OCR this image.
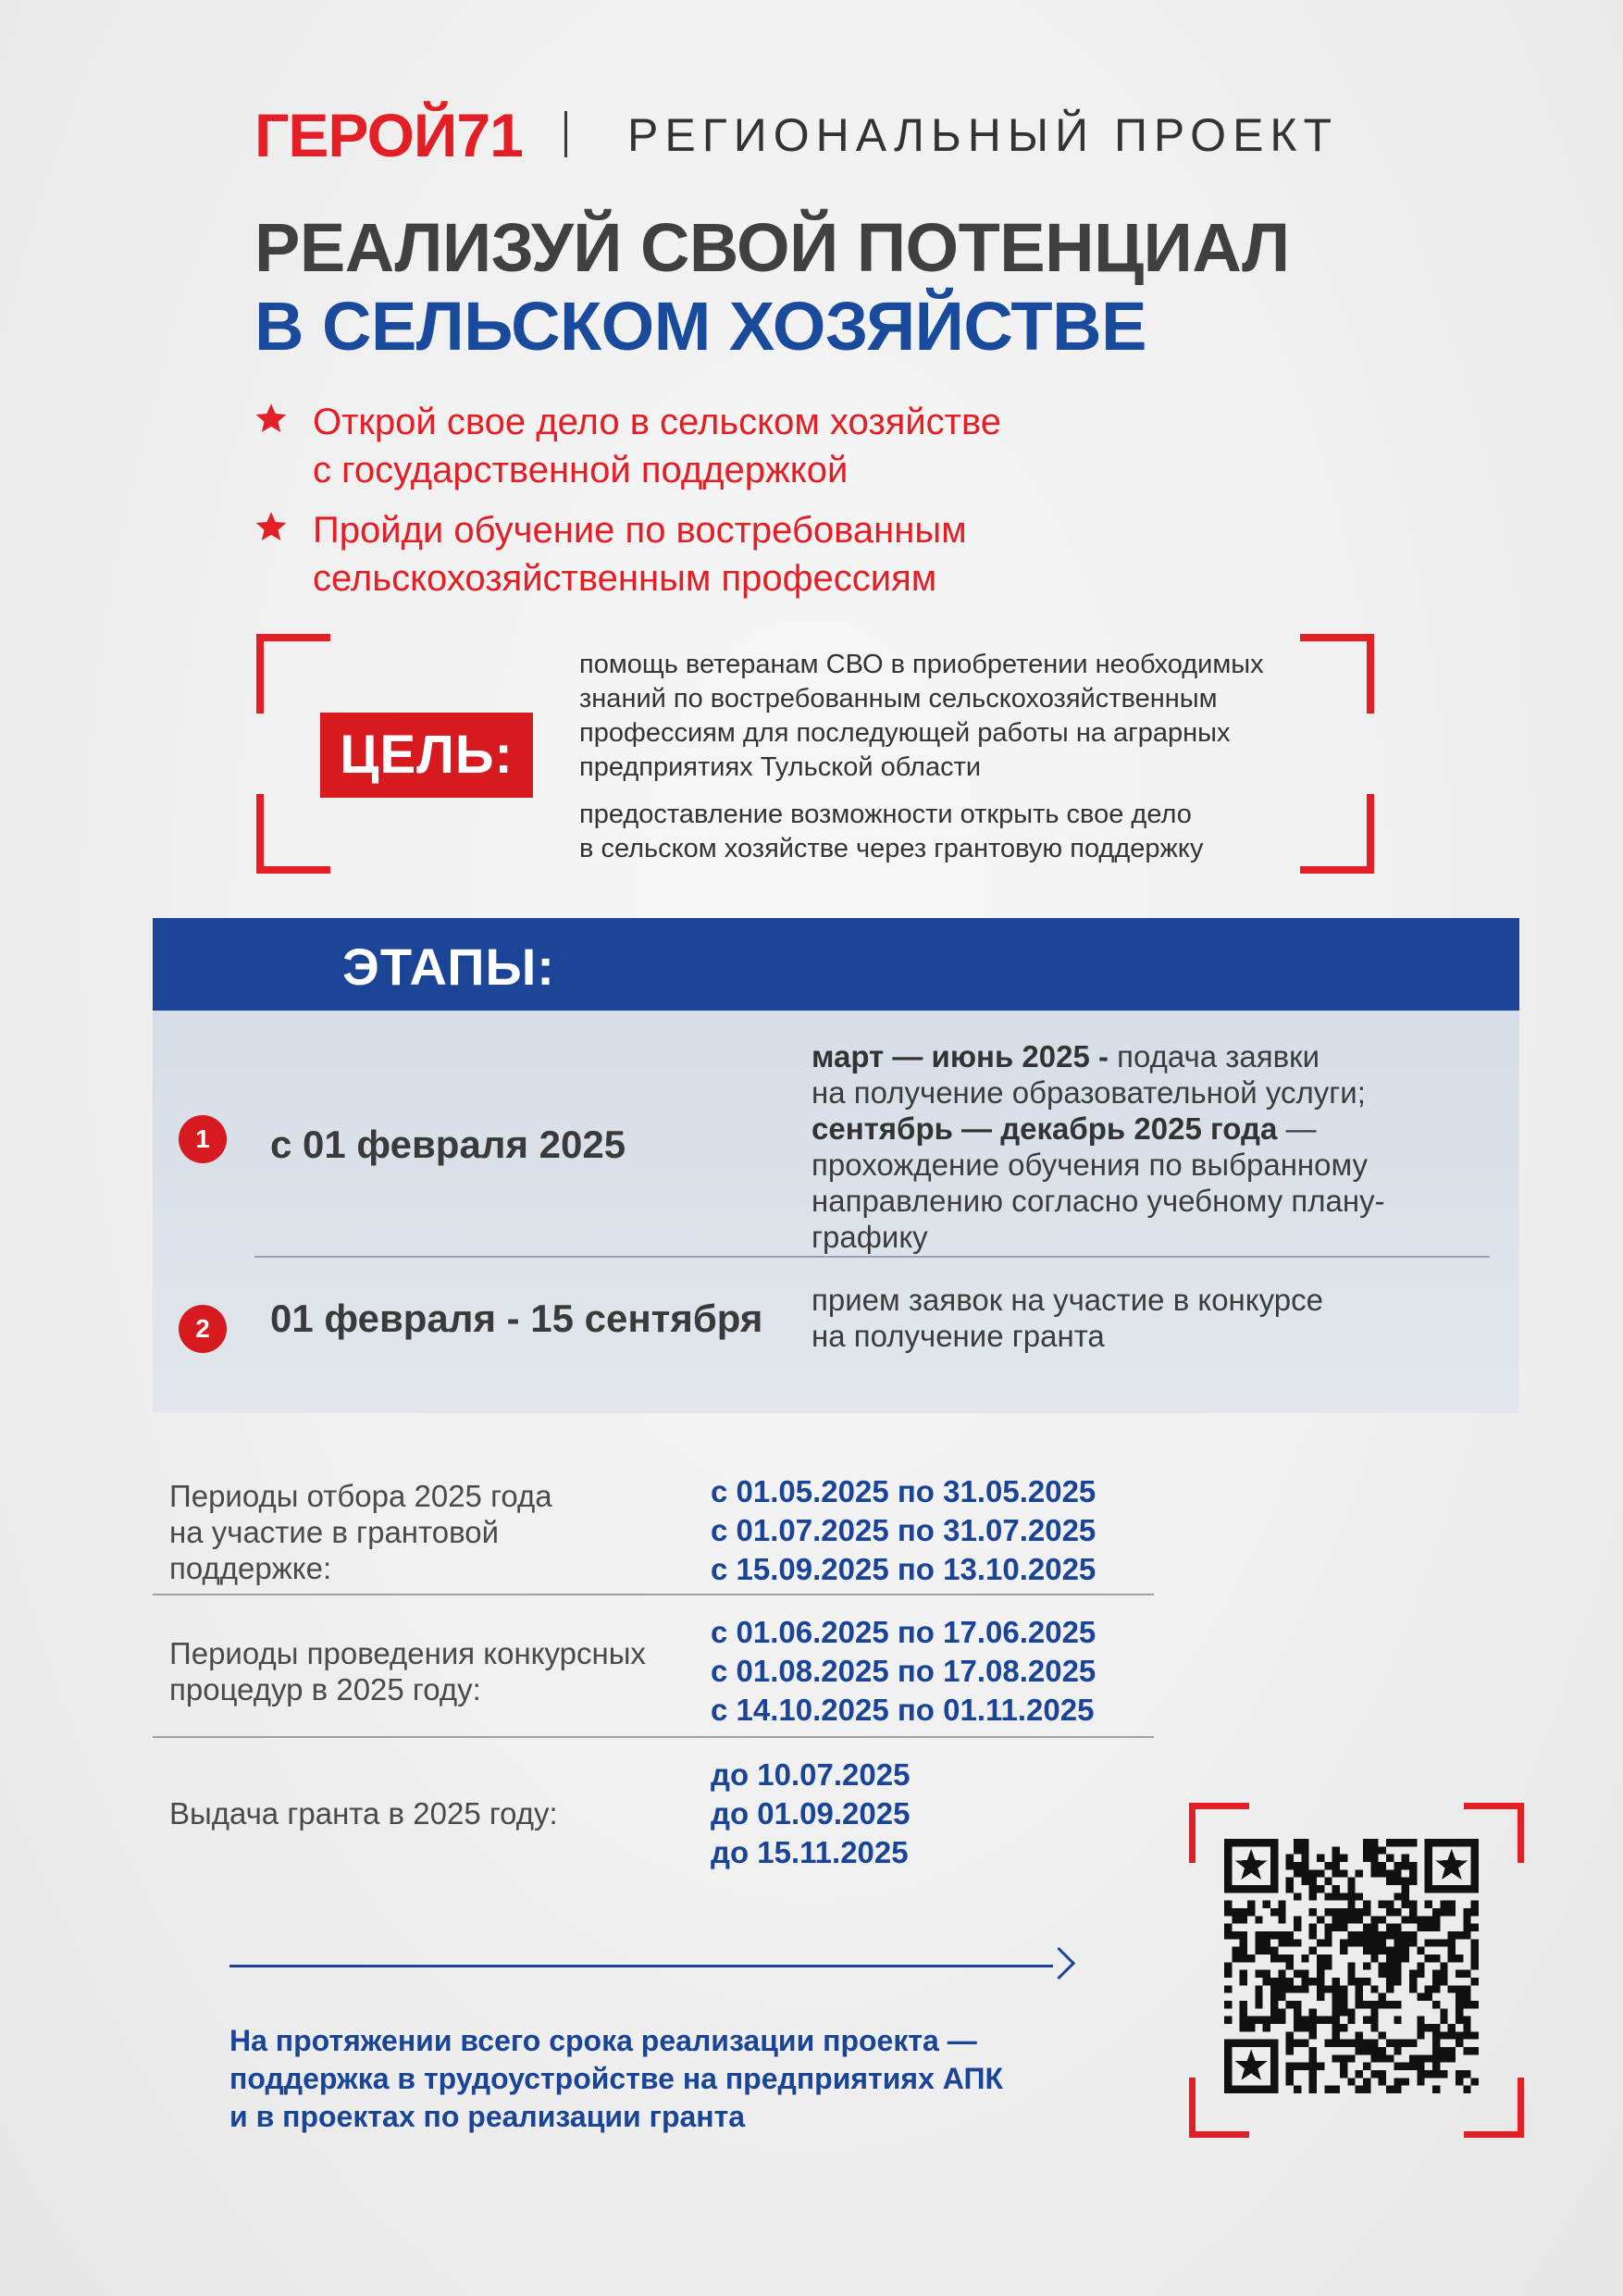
ГЕРОЙ71 РЕГИОНАЛЬНЫЙ ПРОЕКТ
РЕАЛИЗУЙ СВОЙ ПОТЕНЦИАЛ
В СЕЛЬСКОМ ХОЗЯЙСТВЕ
Открой свое дело в сельском хозяйстве
с государственной поддержкой
Пройди обучение по востребованным
сельскохозяйственным профессиям
ЦЕЛЬ:
помощь ветеранам СВО в приобретении необходимых
знаний по востребованным сельскохозяйственным
профессиям для последующей работы на аграрных
предприятиях Тульской области
предоставление возможности открыть свое дело
в сельском хозяйстве через грантовую поддержку
ЭТАПЫ:
1	с 01 февраля 2025
март — июнь 2025 - подача заявки
на получение образовательной услуги;
сентябрь — декабрь 2025 года —
прохождение обучения по выбранному
направлению согласно учебному плану-
графику
2	01 февраля - 15 сентября прием заявок на участие в конкурсе
на получение гранта
Периоды отбора 2025 года
на участие в грантовой
поддержке:
с 01.05.2025 по 31.05.2025
с 01.07.2025 по 31.07.2025
с 15.09.2025 по 13.10.2025
Периоды проведения конкурсных
процедур в 2025 году:
с 01.06.2025 по 17.06.2025
с 01.08.2025 по 17.08.2025
с 14.10.2025 по 01.11.2025
Выдача гранта в 2025 году:
до 10.07.2025
до 01.09.2025
до 15.11.2025
На протяжении всего срока реализации проекта —
поддержка в трудоустройстве на предприятиях АПК
и в проектах по реализации гранта
